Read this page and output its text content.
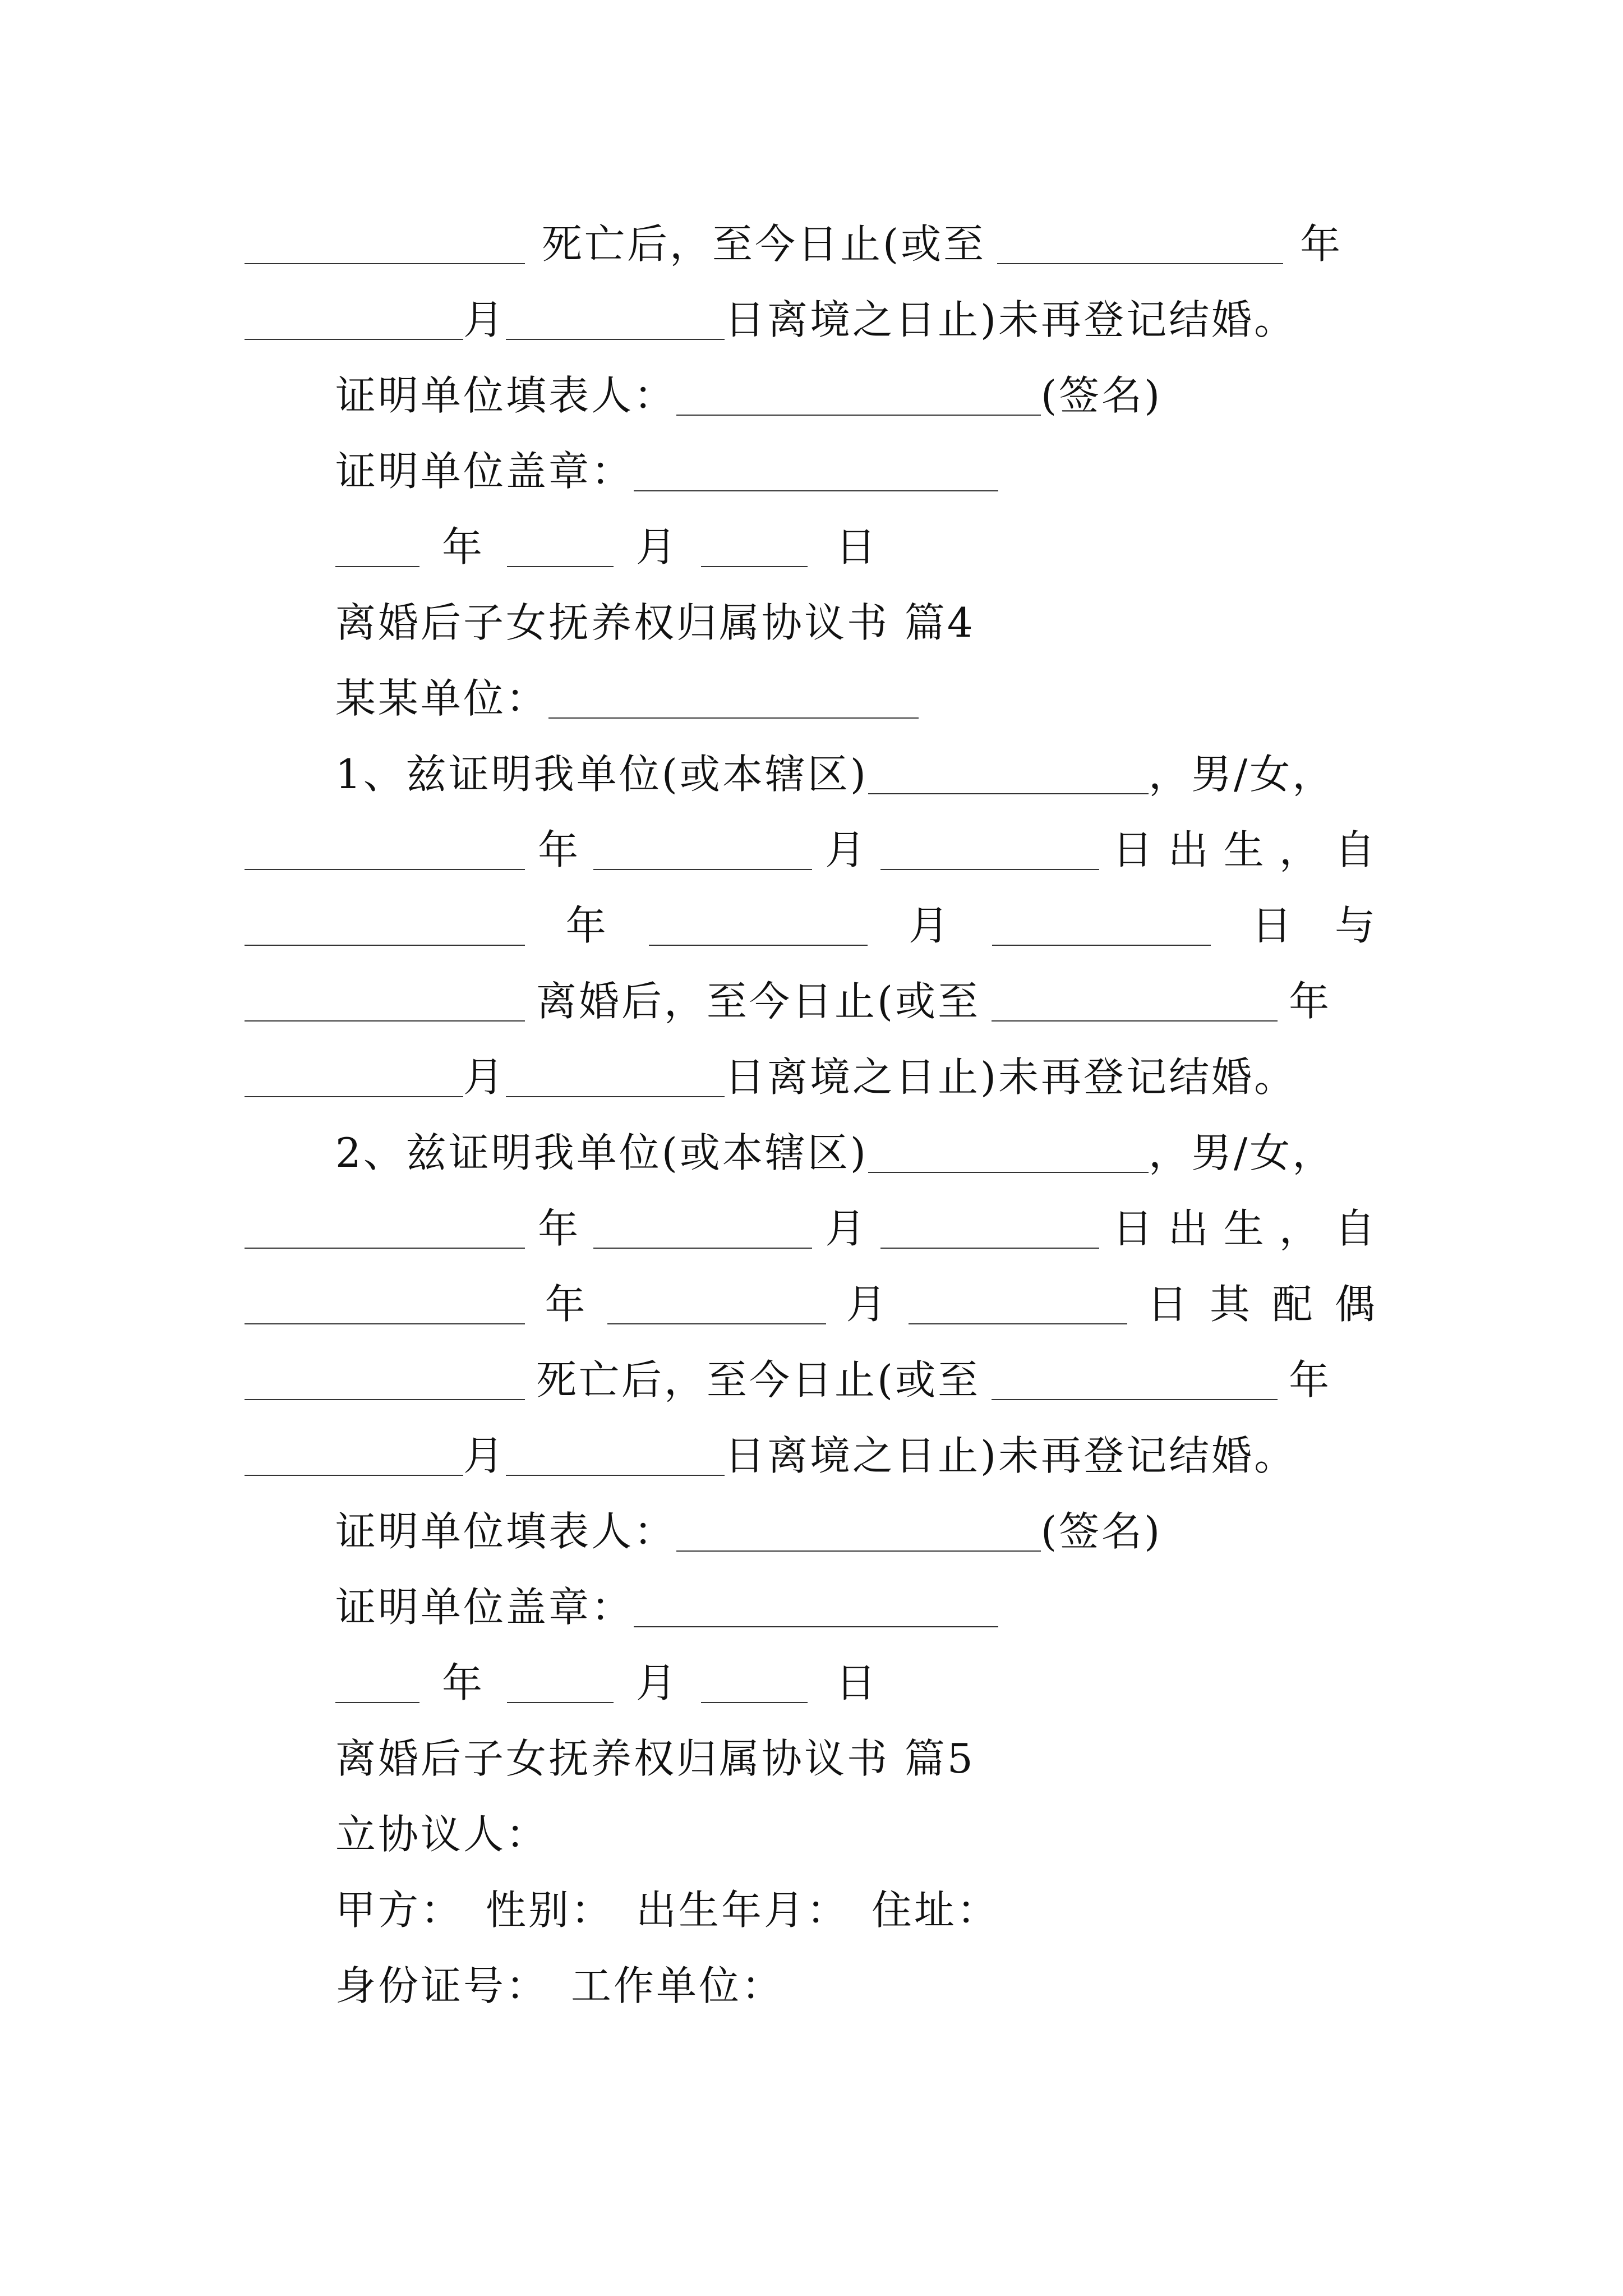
死亡后，至今日止(或至	年
月	日离境之日止)未再登记结婚。
证明单位填表人：	(签名)
证明单位盖章：
年	月	日
离婚后子女抚养权归属协议书 篇4
某某单位：
1、兹证明我单位(或本辖区)	，男/女，
年	月	日 出 生 ， 自
年	月	日 与
离婚后，至今日止(或至	年
月	日离境之日止)未再登记结婚。
2、兹证明我单位(或本辖区)	，男/女，
年	月	日 出 生 ， 自
年	月	日 其 配 偶
死亡后，至今日止(或至	年
月	日离境之日止)未再登记结婚。
证明单位填表人：	(签名)
证明单位盖章：
年	月	日
离婚后子女抚养权归属协议书 篇5
立协议人：
甲方： 性别： 出生年月： 住址：
身份证号： 工作单位：
